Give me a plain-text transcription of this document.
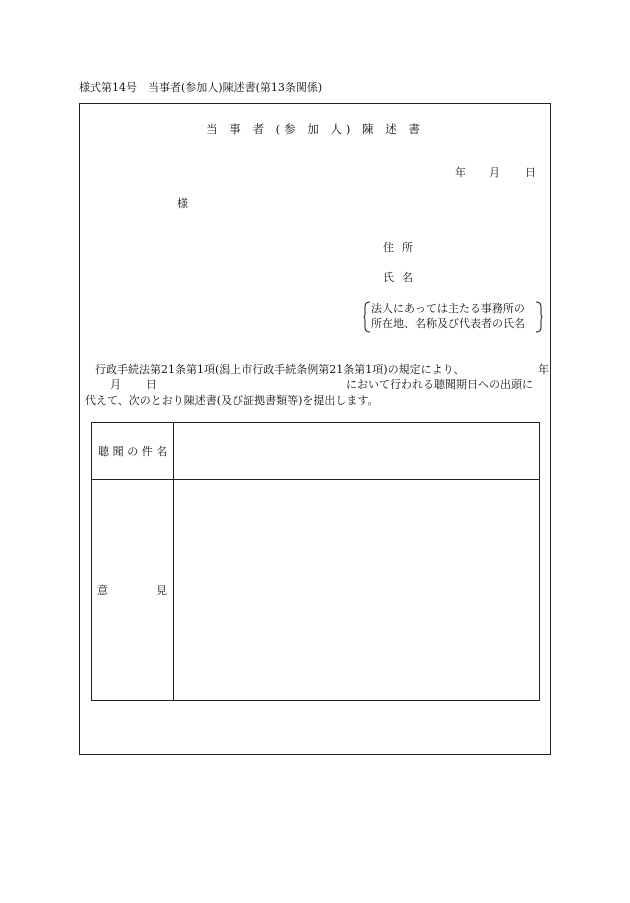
様式第14号　当事者(参加人)陳述書(第13条関係)
当 事 者 (参 加 人) 陳 述 書
年 月 日
様
住所
氏名
法人にあっては主たる事務所の
所在地、名称及び代表者の氏名
行政手続法第21条第1項(潟上市行政手続条例第21条第1項)の規定により、	年
月 日	において行われる聴聞期日への出頭に
代えて、次のとおり陳述書(及び証拠書類等)を提出します。
聴聞の件名
意	見
